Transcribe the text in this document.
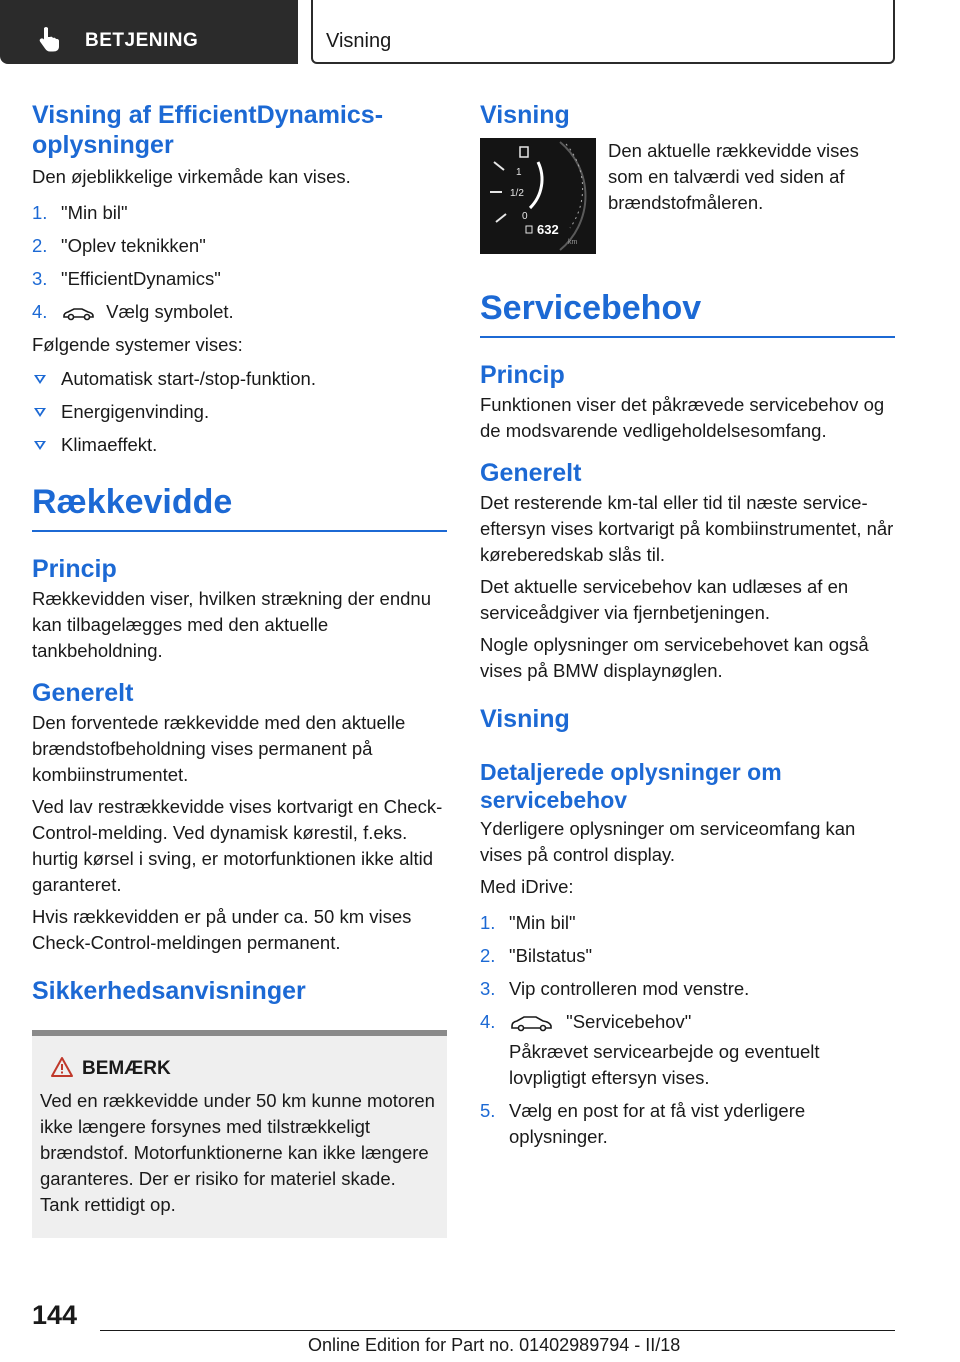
BETJENING	Visning
Visning af EfficientDynamics-oplysninger

Den øjeblikkelige virkemåde kan vises.

1. "Min bil"
2. "Oplev teknikken"
3. "EfficientDynamics"
4.	Vælg symbolet.

Følgende systemer vises:

Automatisk start-/stop-funktion.
Energigenvinding.
Klimaeffekt.
Rækkevidde
Princip

Rækkevidden viser, hvilken strækning der endnu kan tilbagelægges med den aktuelle tankbeholdning.

Generelt

Den forventede rækkevidde med den aktuelle brændstofbeholdning vises permanent på kombiinstrumentet.

Ved lav restrækkevidde vises kortvarigt en Check-Control-melding. Ved dynamisk kørestil, f.eks. hurtig kørsel i sving, er motorfunktionen ikke altid garanteret.

Hvis rækkevidden er på under ca. 50 km vises Check-Control-meldingen permanent.

Sikkerhedsanvisninger
BEMÆRK

Ved en rækkevidde under 50 km kunne motoren ikke længere forsynes med tilstrækkeligt brændstof. Motorfunktionerne kan ikke længere garanteres. Der er risiko for materiel skade. Tank rettidigt op.

Visning
1
1/2
0
632
km

Den aktuelle rækkevidde vises som en talværdi ved siden af brændstofmåleren.

Servicebehov
Princip

Funktionen viser det påkrævede servicebehov og de modsvarende vedligeholdelsesomfang.

Generelt

Det resterende km-tal eller tid til næste service-eftersyn vises kortvarigt på kombiinstrumentet, når køreberedskab slås til.

Det aktuelle servicebehov kan udlæses af en serviceådgiver via fjernbetjeningen.

Nogle oplysninger om servicebehovet kan også vises på BMW displaynøglen.

Visning
Detaljerede oplysninger om servicebehov

Yderligere oplysninger om serviceomfang kan vises på control display.

Med iDrive:

1. "Min bil"
2. "Bilstatus"
3. Vip controlleren mod venstre.
4.	"Servicebehov"
Påkrævet servicearbejde og eventuelt lovpligtigt eftersyn vises.
5. Vælg en post for at få vist yderligere oplysninger.
144
Online Edition for Part no. 01402989794 - II/18
